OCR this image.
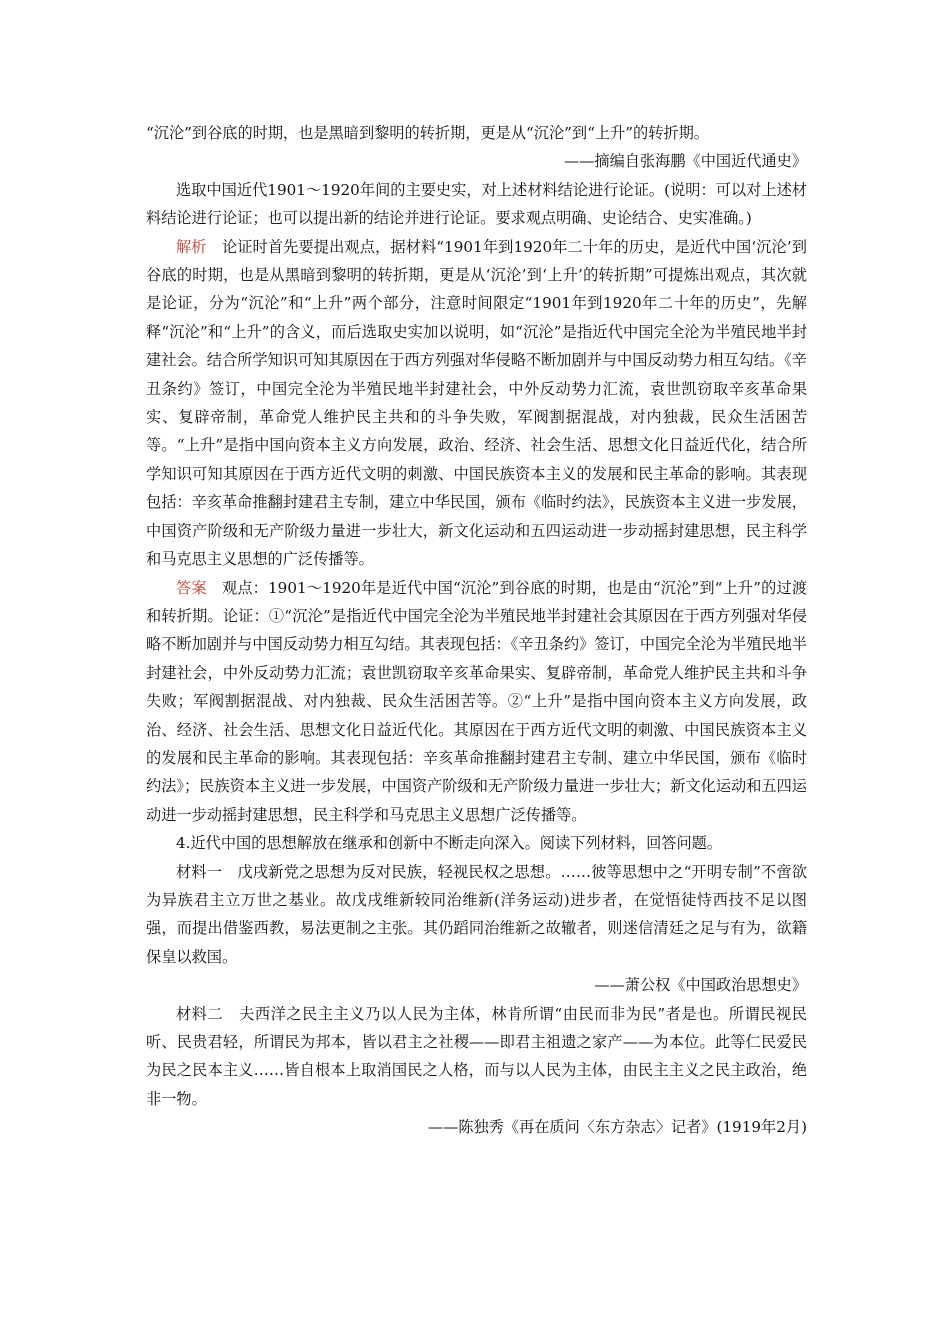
“沉沦”到谷底的时期，也是黑暗到黎明的转折期，更是从“沉沦”到“上升”的转折期。

——摘编自张海鹏《中国近代通史》

选取中国近代1901～1920年间的主要史实，对上述材料结论进行论证。(说明：可以对上述材料结论进行论证；也可以提出新的结论并进行论证。要求观点明确、史论结合、史实准确。)

解析　 论证时首先要提出观点，据材料“1901年到1920年二十年的历史，是近代中国‘沉沦’到谷底的时期，也是从黑暗到黎明的转折期，更是从‘沉沦’到‘上升’的转折期”可提炼出观点，其次就是论证，分为“沉沦”和“上升”两个部分，注意时间限定“1901年到1920年二十年的历史”，先解释“沉沦”和“上升”的含义，而后选取史实加以说明，如“沉沦”是指近代中国完全沦为半殖民地半封建社会。结合所学知识可知其原因在于西方列强对华侵略不断加剧并与中国反动势力相互勾结。《辛丑条约》签订，中国完全沦为半殖民地半封建社会，中外反动势力汇流，袁世凯窃取辛亥革命果实、复辟帝制，革命党人维护民主共和的斗争失败，军阀割据混战，对内独裁，民众生活困苦等。“上升”是指中国向资本主义方向发展，政治、经济、社会生活、思想文化日益近代化，结合所学知识可知其原因在于西方近代文明的刺激、中国民族资本主义的发展和民主革命的影响。其表现包括：辛亥革命推翻封建君主专制，建立中华民国，颁布《临时约法》，民族资本主义进一步发展，中国资产阶级和无产阶级力量进一步壮大，新文化运动和五四运动进一步动摇封建思想，民主科学和马克思主义思想的广泛传播等。

答案　 观点：1901～1920年是近代中国“沉沦”到谷底的时期，也是由“沉沦”到“上升”的过渡和转折期。论证：①“沉沦”是指近代中国完全沦为半殖民地半封建社会其原因在于西方列强对华侵略不断加剧并与中国反动势力相互勾结。其表现包括：《辛丑条约》签订，中国完全沦为半殖民地半封建社会，中外反动势力汇流；袁世凯窃取辛亥革命果实、复辟帝制，革命党人维护民主共和斗争失败；军阀割据混战、对内独裁、民众生活困苦等。②“上升”是指中国向资本主义方向发展，政治、经济、社会生活、思想文化日益近代化。其原因在于西方近代文明的刺激、中国民族资本主义的发展和民主革命的影响。其表现包括：辛亥革命推翻封建君主专制、建立中华民国，颁布《临时约法》；民族资本主义进一步发展，中国资产阶级和无产阶级力量进一步壮大；新文化运动和五四运动进一步动摇封建思想，民主科学和马克思主义思想广泛传播等。

4.近代中国的思想解放在继承和创新中不断走向深入。阅读下列材料，回答问题。

材料一　戊戌新党之思想为反对民族，轻视民权之思想。……彼等思想中之“开明专制”不啻欲为异族君主立万世之基业。故戊戌维新较同治维新(洋务运动)进步者，在觉悟徒恃西技不足以图强，而提出借鉴西教，易法更制之主张。其仍蹈同治维新之故辙者，则迷信清廷之足与有为，欲籍保皇以救国。

——萧公权《中国政治思想史》

材料二　夫西洋之民主主义乃以人民为主体，林肯所谓“由民而非为民”者是也。所谓民视民听、民贵君轻，所谓民为邦本，皆以君主之社稷——即君主祖遗之家产——为本位。此等仁民爱民为民之民本主义……皆自根本上取消国民之人格，而与以人民为主体，由民主主义之民主政治，绝非一物。

——陈独秀《再在质问〈东方杂志〉记者》(1919年2月)
